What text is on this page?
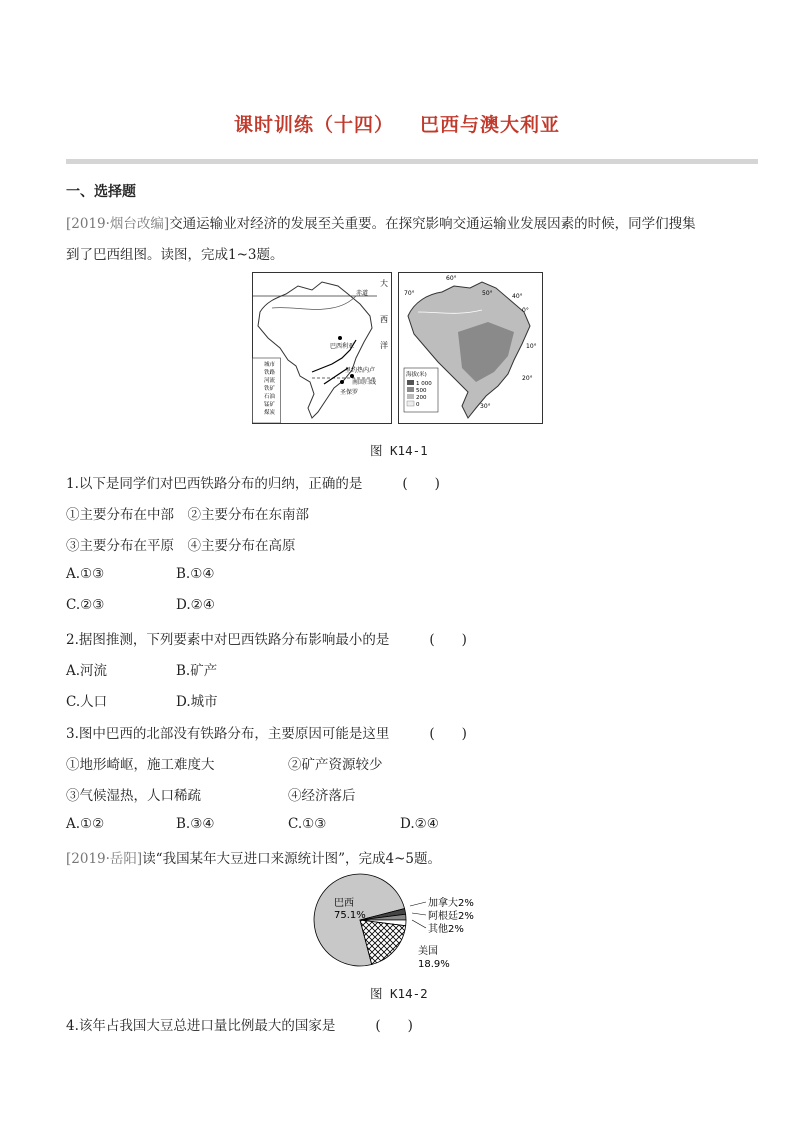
课时训练（十四） 巴西与澳大利亚
一、选择题
[2019·烟台改编]交通运输业对经济的发展至关重要。在探究影响交通运输业发展因素的时候，同学们搜集
到了巴西组图。读图，完成1~3题。
大
赤道
西
洋
巴西利亚
里约热内卢
南回归线
圣保罗
城市
铁路
河流
铁矿
石油
锰矿
煤炭
海拔(米)
1 000
500
200
0
70°
60°
50°	40°
0°
10°
20°
30°
图 K14-1
1.以下是同学们对巴西铁路分布的归纳，正确的是	(　　)
①主要分布在中部　②主要分布在东南部
③主要分布在平原　④主要分布在高原
A.①③	B.①④
C.②③	D.②④
2.据图推测，下列要素中对巴西铁路分布影响最小的是	(　　)
A.河流	B.矿产
C.人口	D.城市
3.图中巴西的北部没有铁路分布，主要原因可能是这里	(　　)
①地形崎岖，施工难度大	②矿产资源较少
③气候湿热，人口稀疏	④经济落后
A.①②	B.③④	C.①③	D.②④
[2019·岳阳]读“我国某年大豆进口来源统计图”，完成4~5题。
巴西
75.1%
加拿大2%
阿根廷2%
其他2%
美国
18.9%
图 K14-2
4.该年占我国大豆总进口量比例最大的国家是	(　　)
